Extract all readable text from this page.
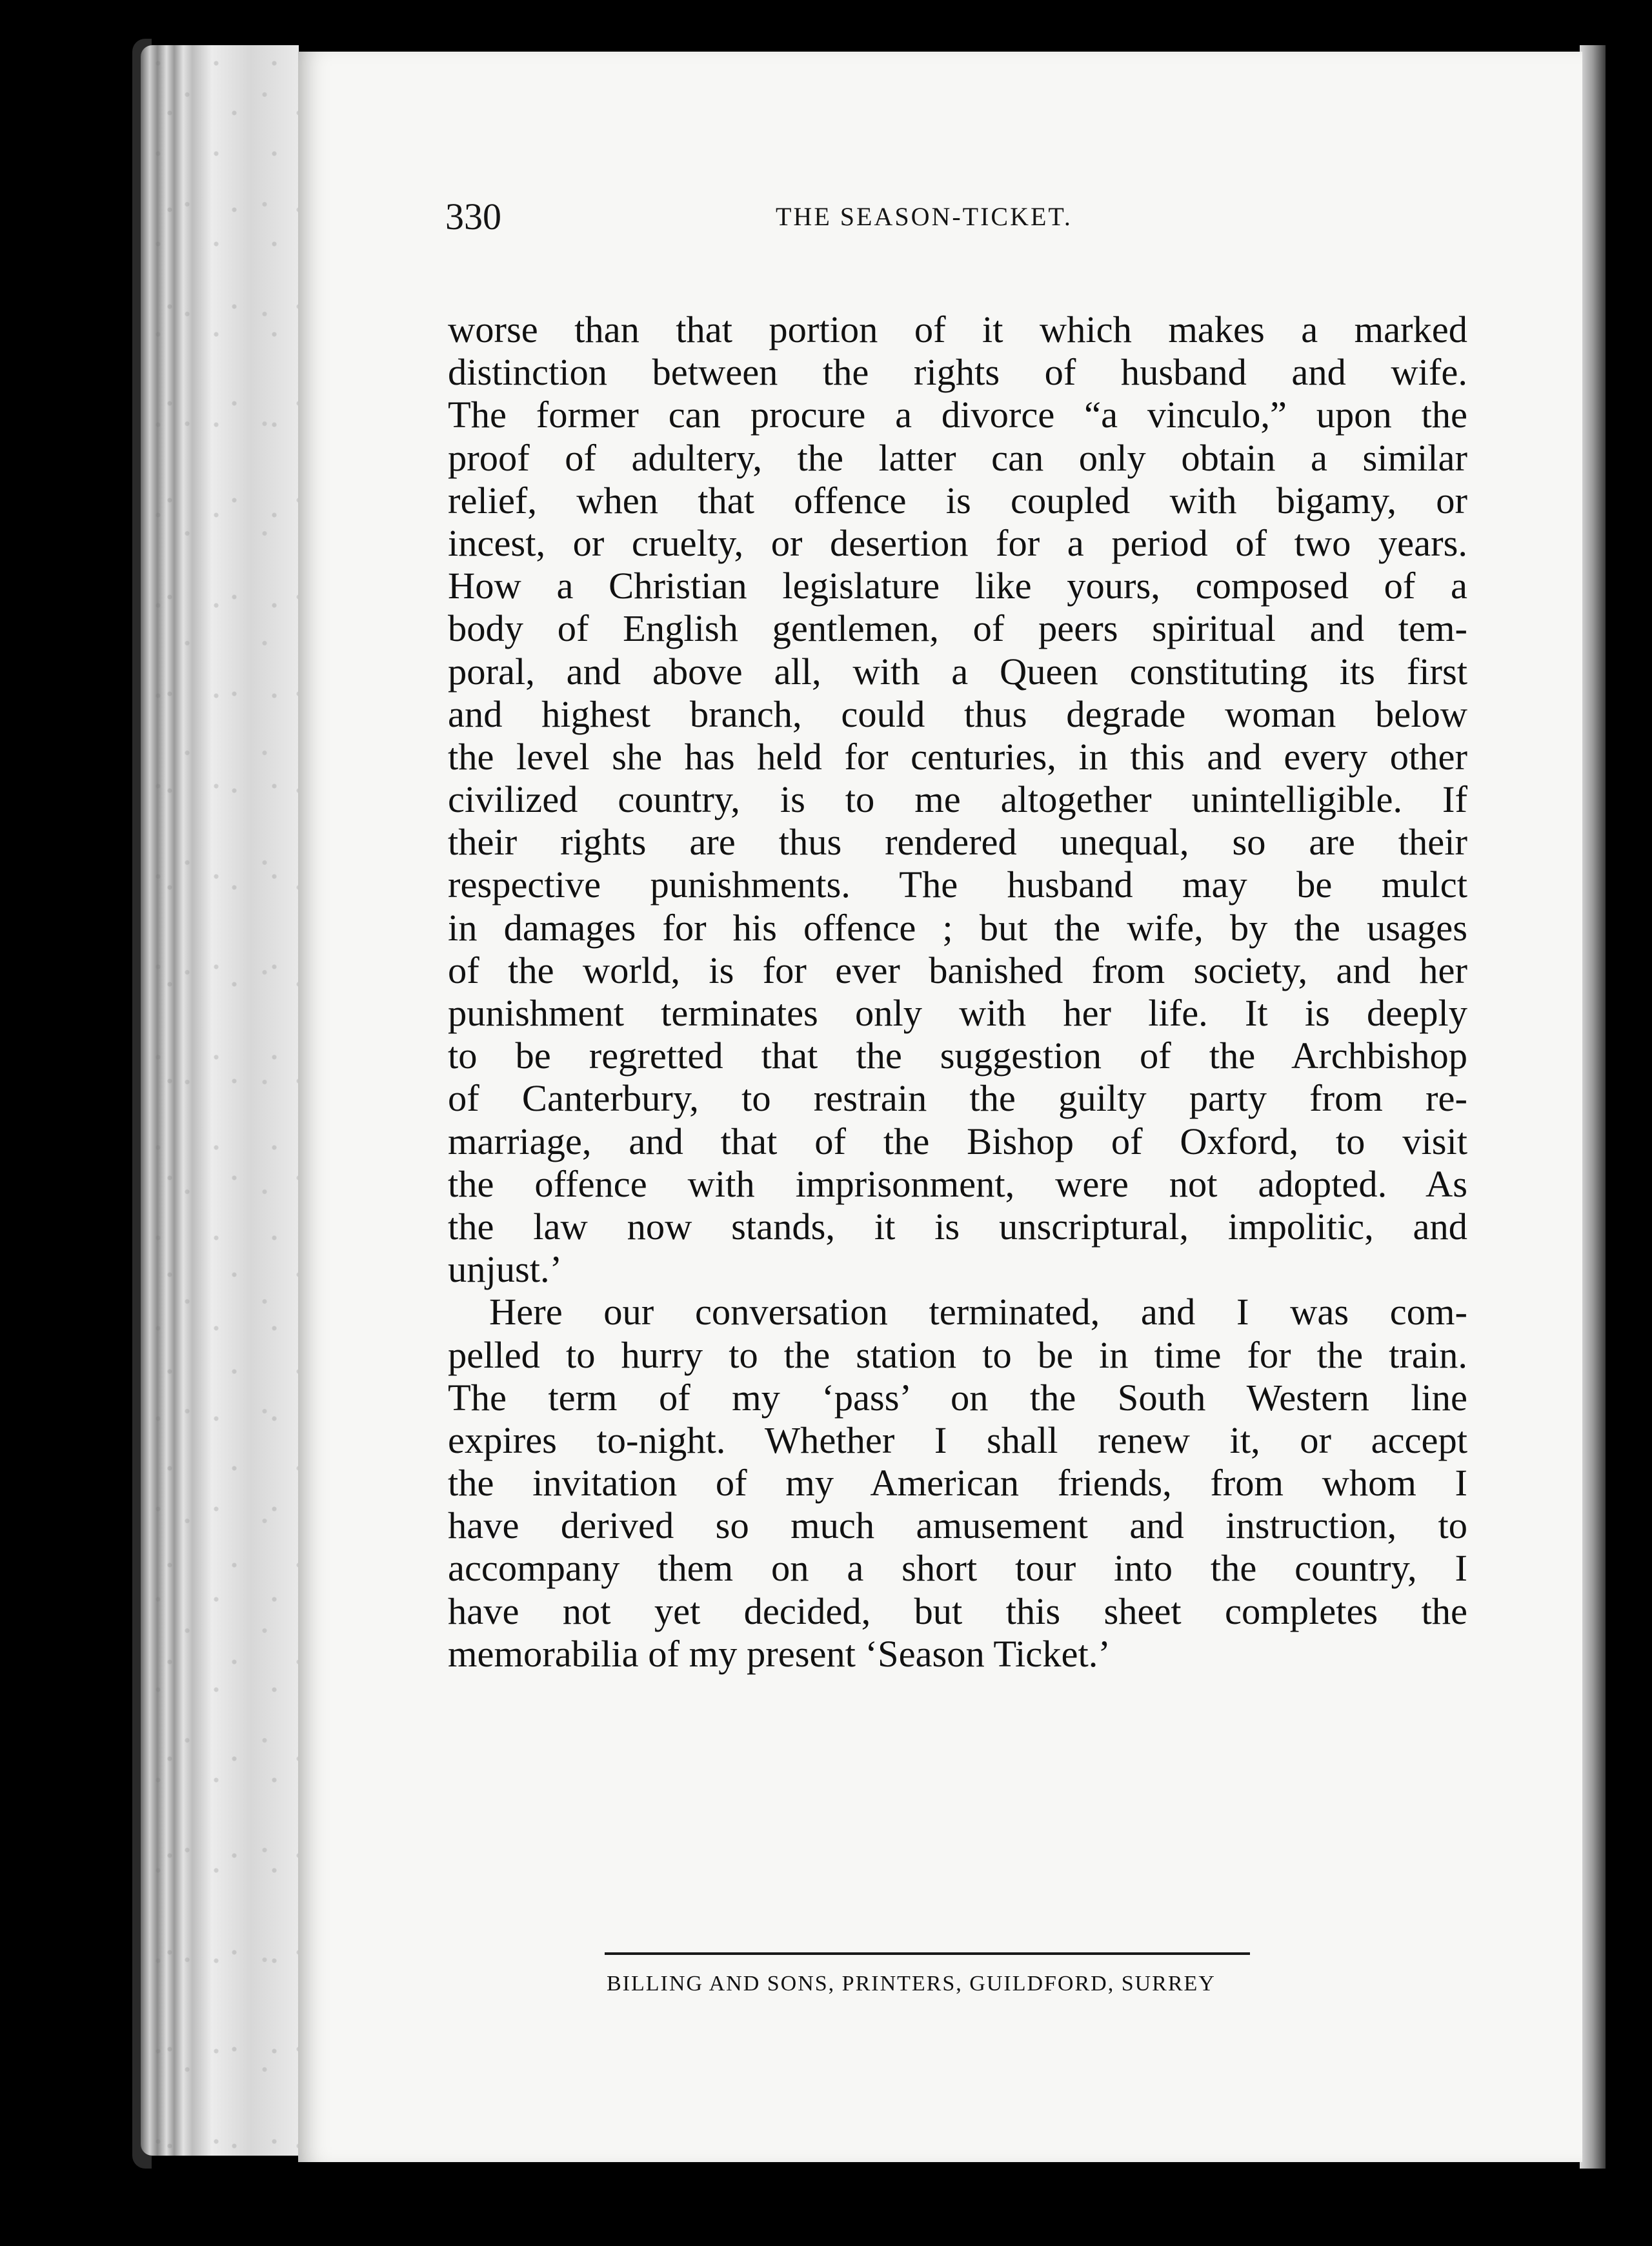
330	THE SEASON-TICKET.
worse than that portion of it which makes a marked
distinction between the rights of husband and wife.
The former can procure a divorce “a vinculo,” upon the
proof of adultery, the latter can only obtain a similar
relief, when that offence is coupled with bigamy, or
incest, or cruelty, or desertion for a period of two years.
How a Christian legislature like yours, composed of a
body of English gentlemen, of peers spiritual and tem-
poral, and above all, with a Queen constituting its first
and highest branch, could thus degrade woman below
the level she has held for centuries, in this and every other
civilized country, is to me altogether unintelligible. If
their rights are thus rendered unequal, so are their
respective punishments. The husband may be mulct
in damages for his offence ; but the wife, by the usages
of the world, is for ever banished from society, and her
punishment terminates only with her life. It is deeply
to be regretted that the suggestion of the Archbishop
of Canterbury, to restrain the guilty party from re-
marriage, and that of the Bishop of Oxford, to visit
the offence with imprisonment, were not adopted. As
the law now stands, it is unscriptural, impolitic, and
unjust.’
Here our conversation terminated, and I was com-
pelled to hurry to the station to be in time for the train.
The term of my ‘pass’ on the South Western line
expires to-night. Whether I shall renew it, or accept
the invitation of my American friends, from whom I
have derived so much amusement and instruction, to
accompany them on a short tour into the country, I
have not yet decided, but this sheet completes the
memorabilia of my present ‘Season Ticket.’
BILLING AND SONS, PRINTERS, GUILDFORD, SURREY
